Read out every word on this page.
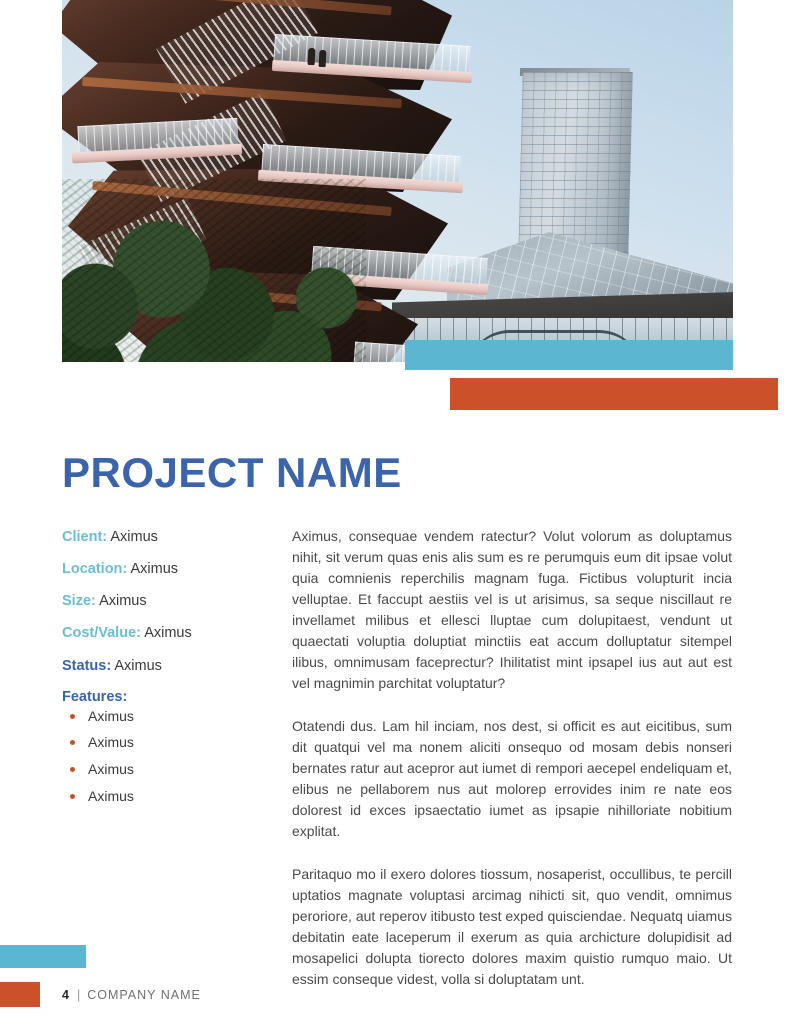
PROJECT NAME
Client: Aximus
Location: Aximus
Size: Aximus
Cost/Value: Aximus
Status: Aximus
Features:
Aximus
Aximus
Aximus
Aximus

Aximus, consequae vendem ratectur? Volut volorum as doluptamus nihit, sit verum quas enis alis sum es re perumquis eum dit ipsae volut quia comnienis reperchilis magnam fuga. Fictibus volupturit incia velluptae. Et faccupt aestiis vel is ut arisimus, sa seque niscillaut re invellamet milibus et ellesci lluptae cum dolupitaest, vendunt ut quaectati voluptia doluptiat minctiis eat accum dolluptatur sitempel ilibus, omnimusam faceprectur? Ihilitatist mint ipsapel ius aut aut est vel magnimin parchitat voluptatur?

Otatendi dus. Lam hil inciam, nos dest, si officit es aut eicitibus, sum dit quatqui vel ma nonem aliciti onsequo od mosam debis nonseri bernates ratur aut acepror aut iumet di rempori aecepel endeliquam et, elibus ne pellaborem nus aut molorep errovides inim re nate eos dolorest id exces ipsaectatio iumet as ipsapie nihilloriate nobitium explitat.

Paritaquo mo il exero dolores tiossum, nosaperist, occullibus, te percill uptatios magnate voluptasi arcimag nihicti sit, quo vendit, omnimus peroriore, aut reperov itibusto test exped quisciendae. Nequatq uiamus debitatin eate laceperum il exerum as quia archicture dolupidisit ad mosapelici dolupta tiorecto dolores maxim quistio rumquo maio. Ut essim conseque videst, volla si doluptatam unt.

4 | COMPANY NAME
